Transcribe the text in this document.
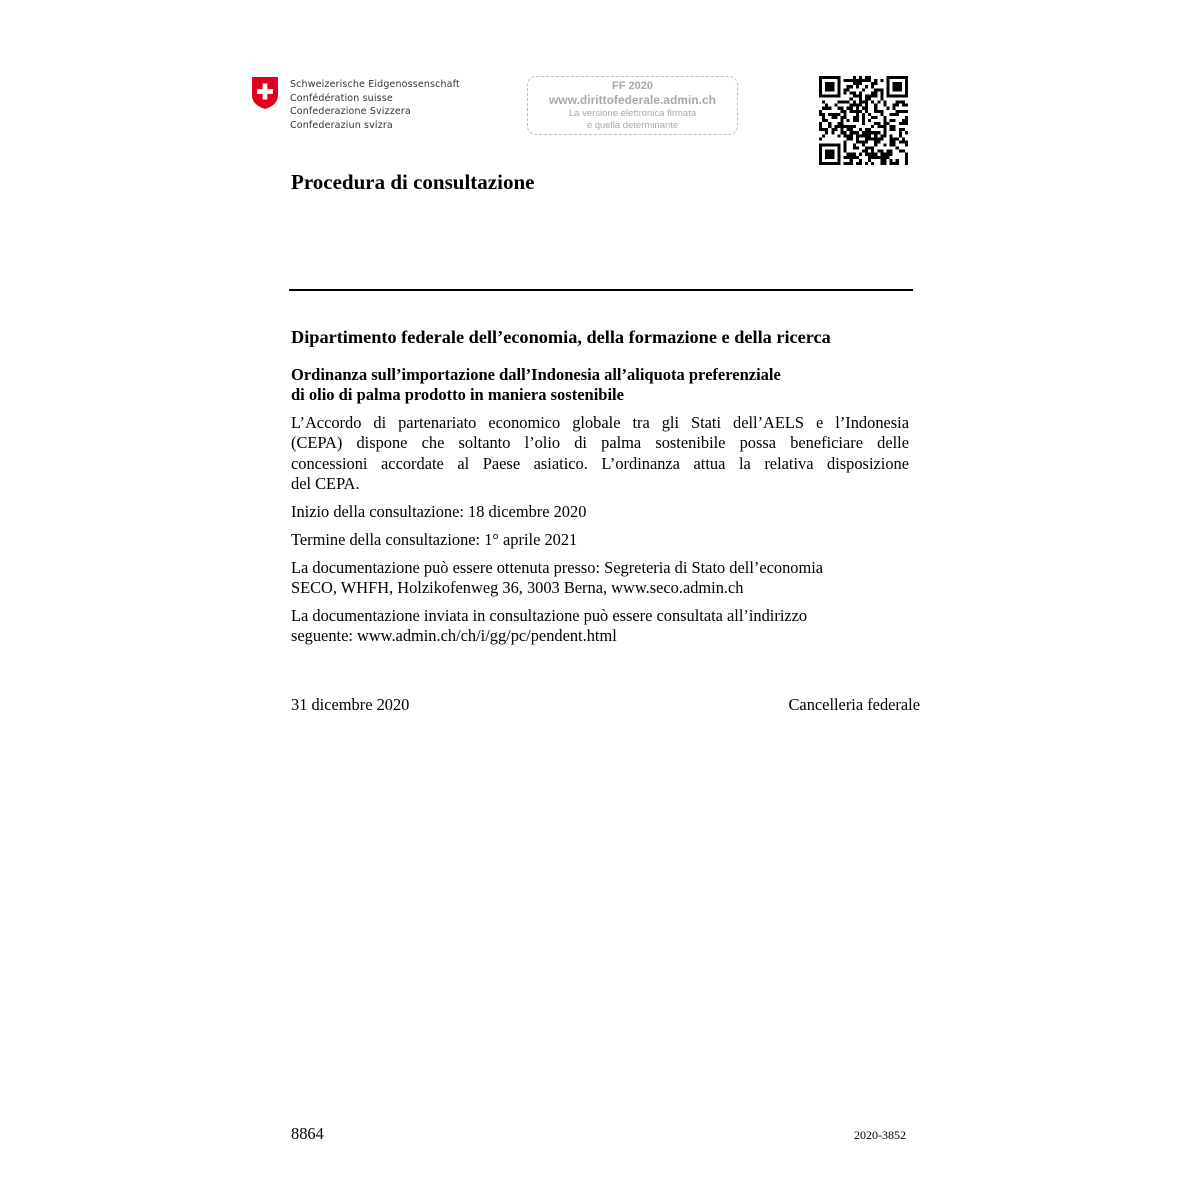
Schweizerische Eidgenossenschaft
Confédération suisse
Confederazione Svizzera
Confederaziun svizra
FF 2020
www.dirittofederale.admin.ch
La versione elettronica firmata
è quella determinante
Procedura di consultazione
Dipartimento federale dell’economia, della formazione e della ricerca
Ordinanza sull’importazione dall’Indonesia all’aliquota preferenziale
di olio di palma prodotto in maniera sostenibile
L’Accordo di partenariato economico globale tra gli Stati dell’AELS e l’Indonesia
(CEPA) dispone che soltanto l’olio di palma sostenibile possa beneficiare delle
concessioni accordate al Paese asiatico. L’ordinanza attua la relativa disposizione
del CEPA.
Inizio della consultazione: 18 dicembre 2020
Termine della consultazione: 1° aprile 2021
La documentazione può essere ottenuta presso: Segreteria di Stato dell’economia
SECO, WHFH, Holzikofenweg 36, 3003 Berna, www.seco.admin.ch
La documentazione inviata in consultazione può essere consultata all’indirizzo
seguente: www.admin.ch/ch/i/gg/pc/pendent.html
31 dicembre 2020	Cancelleria federale
8864	2020-3852
